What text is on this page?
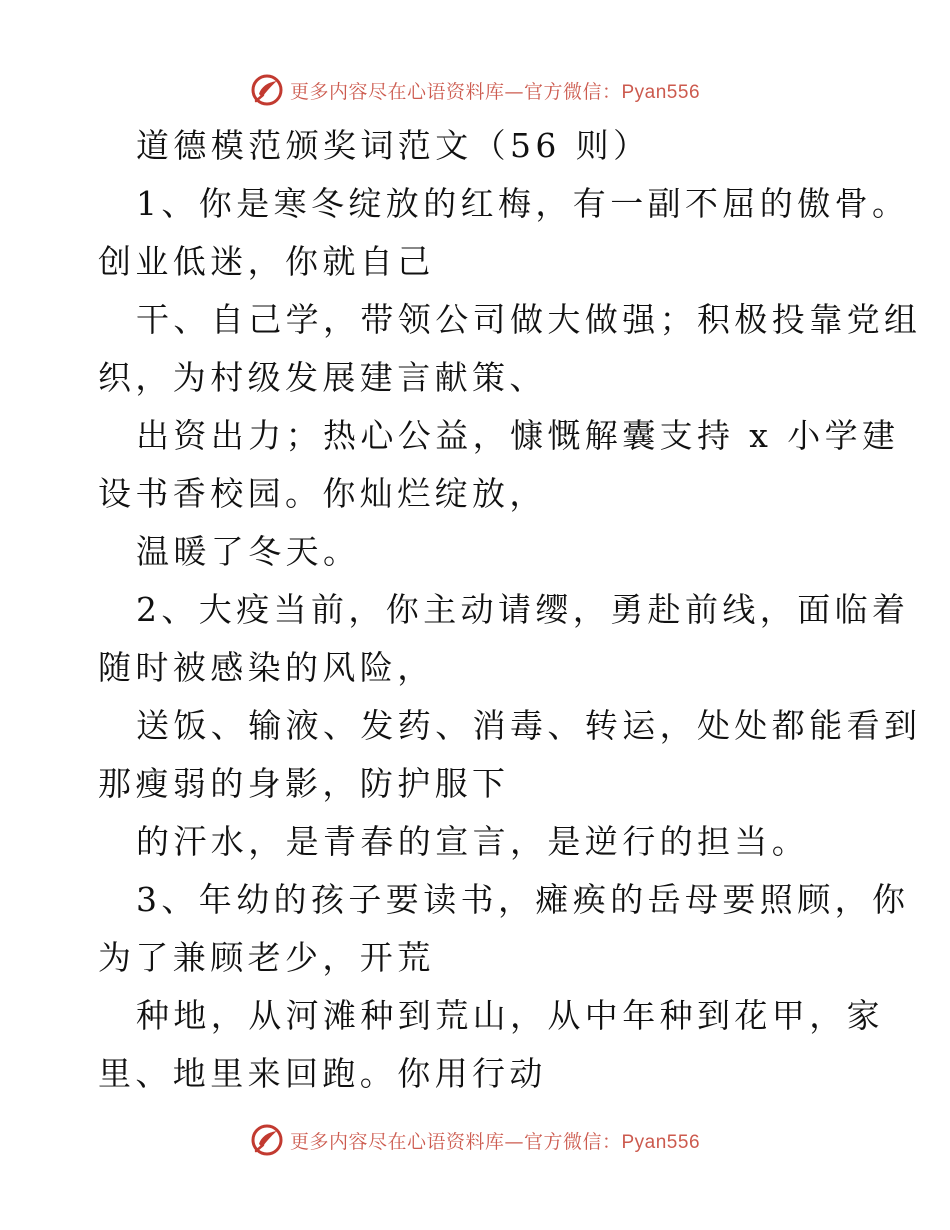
更多内容尽在心语资料库—官方微信：Pyan556
道德模范颁奖词范文（56 则）
1、你是寒冬绽放的红梅，有一副不屈的傲骨。
创业低迷，你就自己
干、自己学，带领公司做大做强；积极投靠党组
织，为村级发展建言献策、
出资出力；热心公益，慷慨解囊支持 x 小学建
设书香校园。你灿烂绽放，
温暖了冬天。
2、大疫当前，你主动请缨，勇赴前线，面临着
随时被感染的风险，
送饭、输液、发药、消毒、转运，处处都能看到
那瘦弱的身影，防护服下
的汗水，是青春的宣言，是逆行的担当。
3、年幼的孩子要读书，瘫痪的岳母要照顾，你
为了兼顾老少，开荒
种地，从河滩种到荒山，从中年种到花甲，家
里、地里来回跑。你用行动
更多内容尽在心语资料库—官方微信：Pyan556
